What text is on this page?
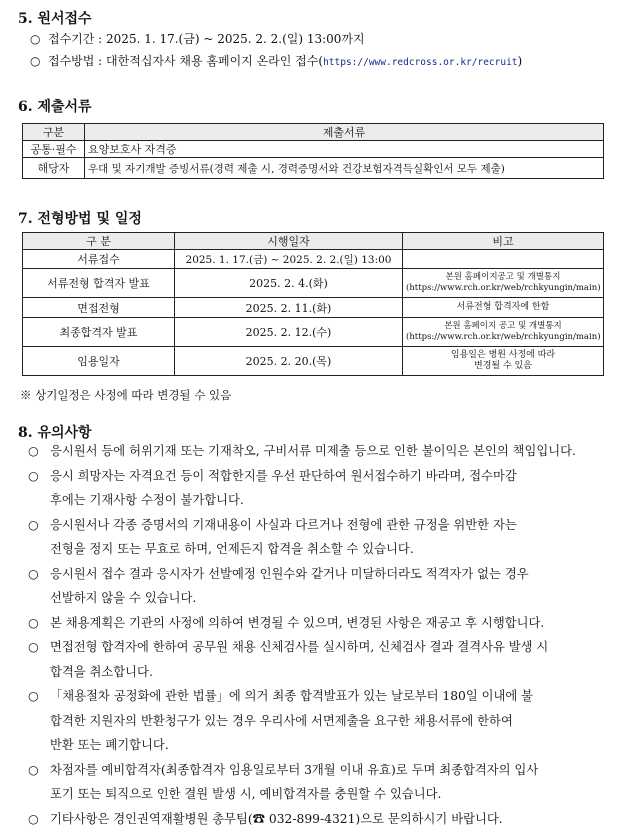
5. 원서접수
○ 접수기간 : 2025. 1. 17.(금) ~ 2025. 2. 2.(일) 13:00까지
○ 접수방법 : 대한적십자사 채용 홈페이지 온라인 접수(https://www.redcross.or.kr/recruit)
6. 제출서류
구분	제출서류
공통·필수	요양보호사 자격증
해당자	우대 및 자기개발 증빙서류(경력 제출 시, 경력증명서와 건강보험자격득실확인서 모두 제출)
7. 전형방법 및 일정
구 분	시행일자	비고
서류접수	2025. 1. 17.(금) ~ 2025. 2. 2.(일) 13:00	

서류전형 합격자 발표	2025. 2. 4.(화)	본원 홈페이지공고 및 개별통지
(https://www.rch.or.kr/web/rchkyungin/main)

면접전형	2025. 2. 11.(화)	서류전형 합격자에 한함

최종합격자 발표	2025. 2. 12.(수)	본원 홈페이지 공고 및 개별통지
(https://www.rch.or.kr/web/rchkyungin/main)

임용일자	2025. 2. 20.(목)	임용일은 병원 사정에 따라
변경될 수 있음
※ 상기일정은 사정에 따라 변경될 수 있음
8. 유의사항
○ 응시원서 등에 허위기재 또는 기재착오, 구비서류 미제출 등으로 인한 불이익은 본인의 책임입니다.
○ 응시 희망자는 자격요건 등이 적합한지를 우선 판단하여 원서접수하기 바라며, 접수마감
후에는 기재사항 수정이 불가합니다.
○ 응시원서나 각종 증명서의 기재내용이 사실과 다르거나 전형에 관한 규정을 위반한 자는
전형을 정지 또는 무효로 하며, 언제든지 합격을 취소할 수 있습니다.
○ 응시원서 접수 결과 응시자가 선발예정 인원수와 같거나 미달하더라도 적격자가 없는 경우
선발하지 않을 수 있습니다.
○ 본 채용계획은 기관의 사정에 의하여 변경될 수 있으며, 변경된 사항은 재공고 후 시행합니다.
○ 면접전형 합격자에 한하여 공무원 채용 신체검사를 실시하며, 신체검사 결과 결격사유 발생 시
합격을 취소합니다.
○ 「채용절차 공정화에 관한 법률」에 의거 최종 합격발표가 있는 날로부터 180일 이내에 불
합격한 지원자의 반환청구가 있는 경우 우리사에 서면제출을 요구한 채용서류에 한하여
반환 또는 폐기합니다.
○ 차점자를 예비합격자(최종합격자 임용일로부터 3개월 이내 유효)로 두며 최종합격자의 입사
포기 또는 퇴직으로 인한 결원 발생 시, 예비합격자를 충원할 수 있습니다.
○ 기타사항은 경인권역재활병원 총무팀(☎ 032-899-4321)으로 문의하시기 바랍니다.
